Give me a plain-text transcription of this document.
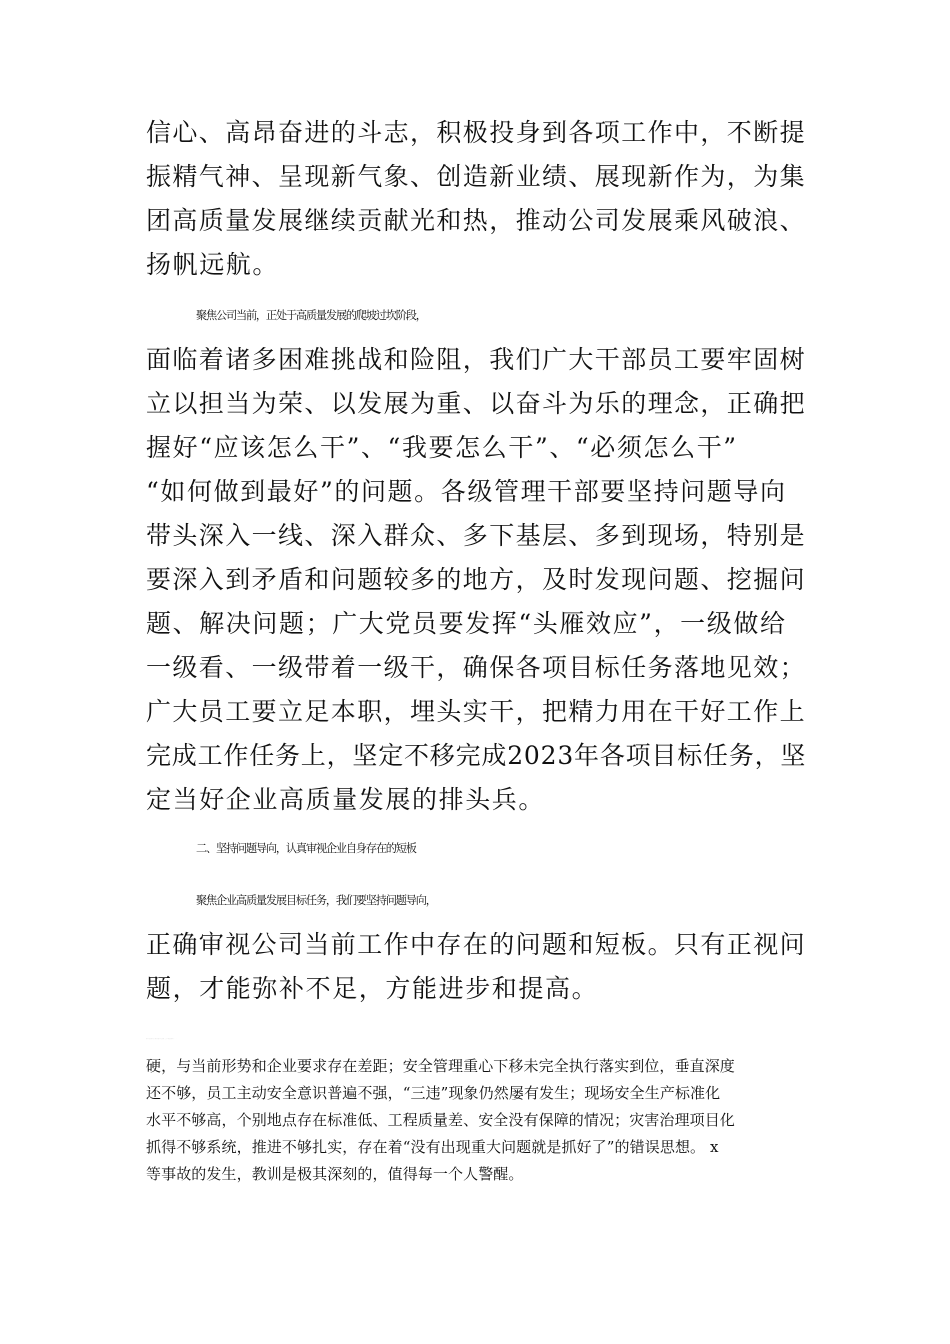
信心、高昂奋进的斗志，积极投身到各项工作中，不断提
振精气神、呈现新气象、创造新业绩、展现新作为，为集
团高质量发展继续贡献光和热，推动公司发展乘风破浪、
扬帆远航。
聚焦公司当前，正处于高质量发展的爬坡过坎阶段，
面临着诸多困难挑战和险阻，我们广大干部员工要牢固树
立以担当为荣、以发展为重、以奋斗为乐的理念，正确把
握好“应该怎么干”、“我要怎么干”、“必须怎么干”
“如何做到最好”的问题。各级管理干部要坚持问题导向
带头深入一线、深入群众、多下基层、多到现场，特别是
要深入到矛盾和问题较多的地方，及时发现问题、挖掘问
题、解决问题；广大党员要发挥“头雁效应”，一级做给
一级看、一级带着一级干，确保各项目标任务落地见效；
广大员工要立足本职，埋头实干，把精力用在干好工作上
完成工作任务上，坚定不移完成2023年各项目标任务，坚
定当好企业高质量发展的排头兵。
二、坚持问题导向，认真审视企业自身存在的短板
聚焦企业高质量发展目标任务，我们要坚持问题导向，
正确审视公司当前工作中存在的问题和短板。只有正视问
题，才能弥补不足，方能进步和提高。
硬，与当前形势和企业要求存在差距；安全管理重心下移未完全执行落实到位，垂直深度
还不够，员工主动安全意识普遍不强，“三违”现象仍然屡有发生；现场安全生产标准化
水平不够高，个别地点存在标准低、工程质量差、安全没有保障的情况；灾害治理项目化
抓得不够系统，推进不够扎实，存在着“没有出现重大问题就是抓好了”的错误思想。 x
等事故的发生，教训是极其深刻的，值得每一个人警醒。
